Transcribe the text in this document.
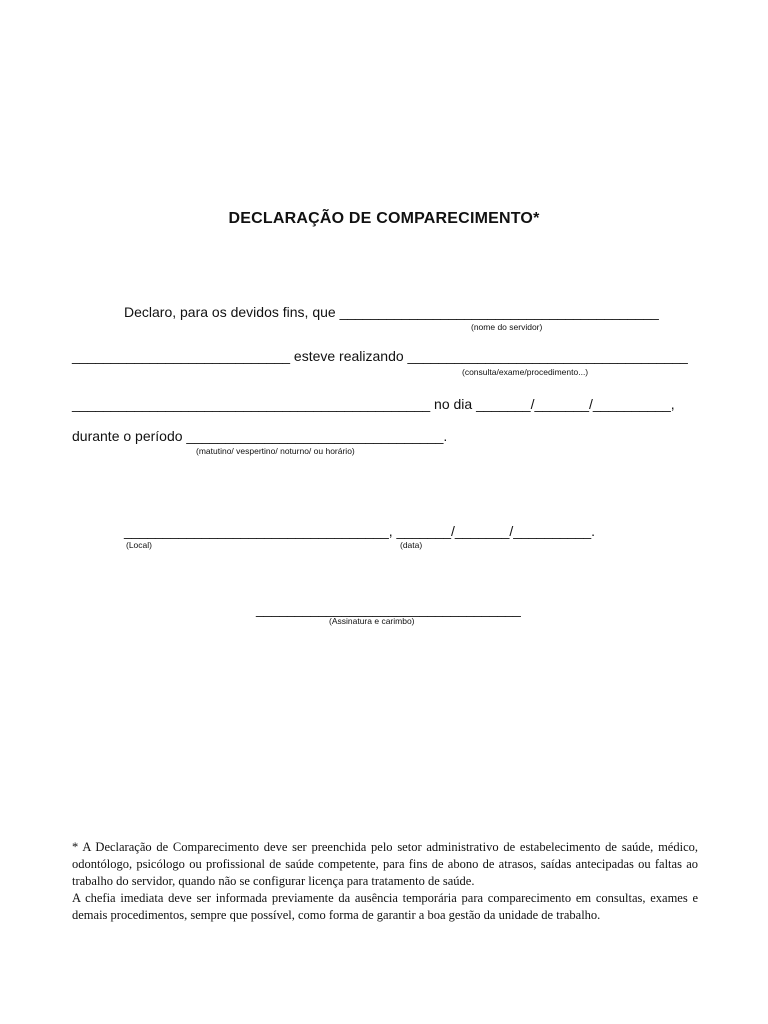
DECLARAÇÃO DE COMPARECIMENTO*
Declaro, para os devidos fins, que _________________________________________
(nome do servidor)
____________________________ esteve realizando ____________________________________
(consulta/exame/procedimento...)
______________________________________________ no dia _______/_______/__________,
durante o período _________________________________.
(matutino/ vespertino/ noturno/ ou horário)
__________________________________, _______/_______/__________.
(Local)	(data)
__________________________________
(Assinatura e carimbo)

* A Declaração de Comparecimento deve ser preenchida pelo setor administrativo de estabelecimento de saúde, médico, odontólogo, psicólogo ou profissional de saúde competente, para fins de abono de atrasos, saídas antecipadas ou faltas ao trabalho do servidor, quando não se configurar licença para tratamento de saúde.

A chefia imediata deve ser informada previamente da ausência temporária para comparecimento em consultas, exames e demais procedimentos, sempre que possível, como forma de garantir a boa gestão da unidade de trabalho.
